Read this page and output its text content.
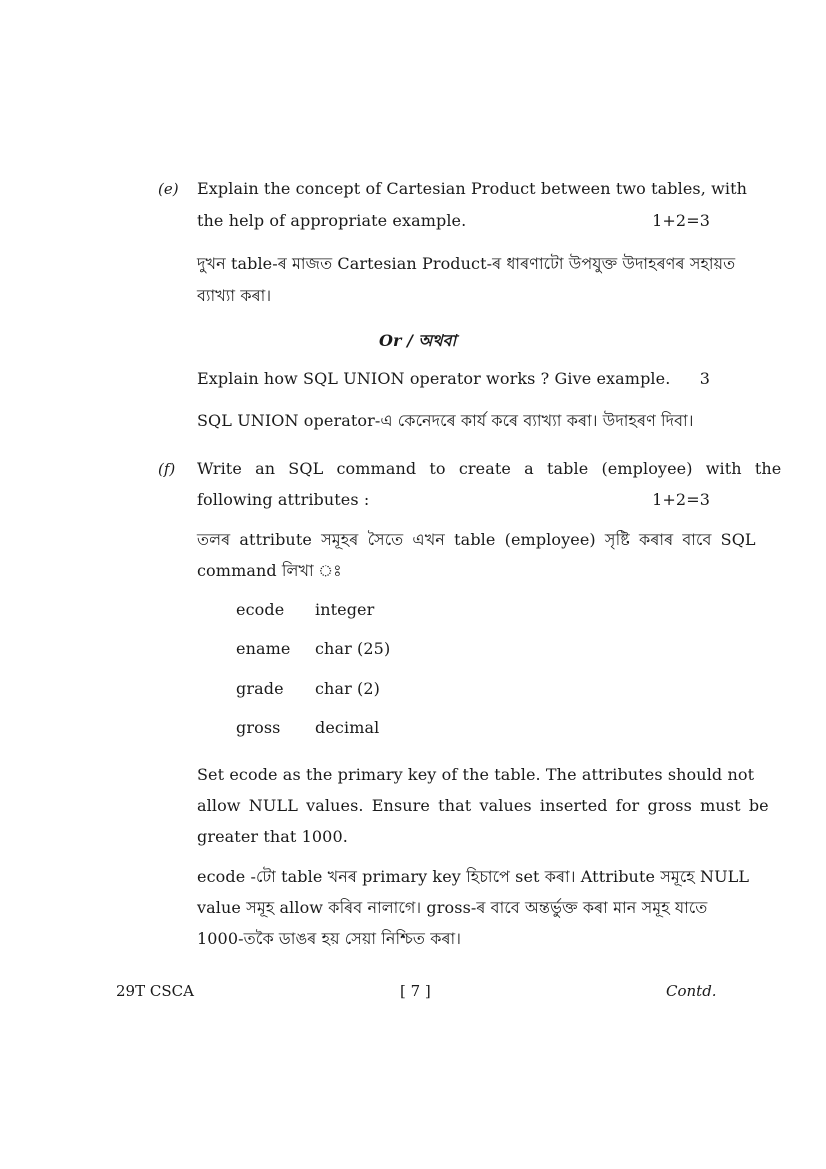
(e) Explain the concept of Cartesian Product between two tables, with
the help of appropriate example.	1+2=3
দুখন table-ৰ মাজত Cartesian Product-ৰ ধাৰণাটো উপযুক্ত উদাহৰণৰ সহায়ত
ব্যাখ্যা কৰা।
Or / অথবা
Explain how SQL UNION operator works ? Give example.	3
SQL UNION operator-এ কেনেদৰে কাৰ্য কৰে ব্যাখ্যা কৰা। উদাহৰণ দিবা।
(f) Write an SQL command to create a table (employee) with the
following attributes :	1+2=3
তলৰ attribute সমূহৰ সৈতে এখন table (employee) সৃষ্টি কৰাৰ বাবে SQL
command লিখা ঃ
ecode integer
ename char (25)
grade char (2)
gross decimal
Set ecode as the primary key of the table. The attributes should not
allow NULL values. Ensure that values inserted for gross must be
greater that 1000.
ecode -টো table খনৰ primary key হিচাপে set কৰা। Attribute সমূহে NULL
value সমূহ allow কৰিব নালাগে। gross-ৰ বাবে অন্তৰ্ভুক্ত কৰা মান সমূহ যাতে
1000-তকৈ ডাঙৰ হয় সেয়া নিশ্চিত কৰা।
29T CSCA	[ 7 ]	Contd.
